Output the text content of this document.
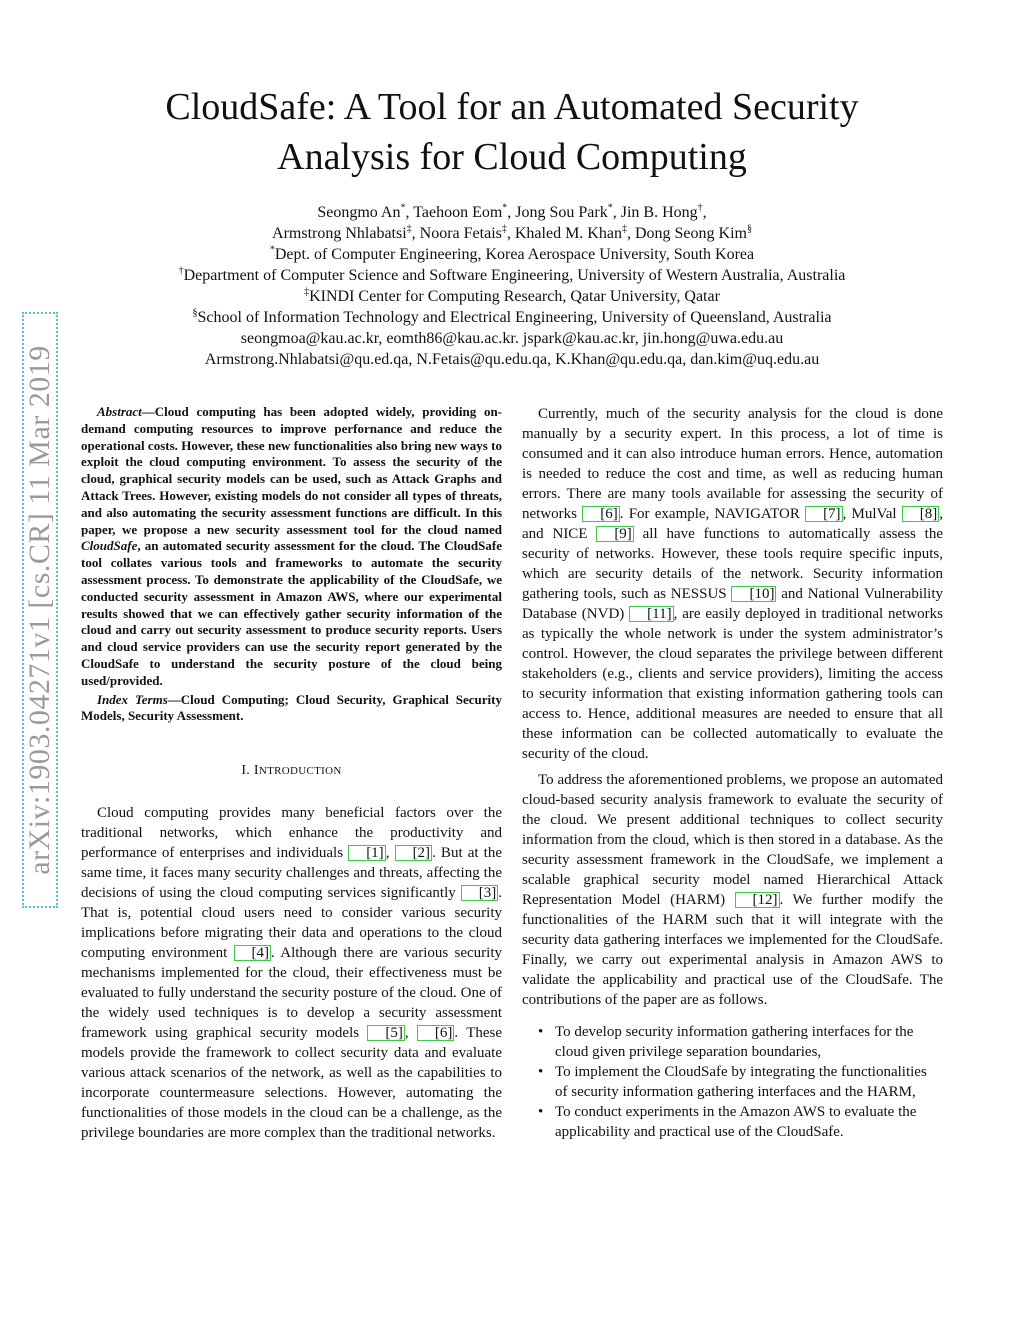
arXiv:1903.04271v1 [cs.CR] 11 Mar 2019
CloudSafe: A Tool for an Automated Security
Analysis for Cloud Computing
Seongmo An*, Taehoon Eom*, Jong Sou Park*, Jin B. Hong†,
Armstrong Nhlabatsi‡, Noora Fetais‡, Khaled M. Khan‡, Dong Seong Kim§
*Dept. of Computer Engineering, Korea Aerospace University, South Korea
†Department of Computer Science and Software Engineering, University of Western Australia, Australia
‡KINDI Center for Computing Research, Qatar University, Qatar
§School of Information Technology and Electrical Engineering, University of Queensland, Australia
seongmoa@kau.ac.kr, eomth86@kau.ac.kr. jspark@kau.ac.kr, jin.hong@uwa.edu.au
Armstrong.Nhlabatsi@qu.ed.qa, N.Fetais@qu.edu.qa, K.Khan@qu.edu.qa, dan.kim@uq.edu.au

Abstract—Cloud computing has been adopted widely, providing on-demand computing resources to improve perfornance and reduce the operational costs. However, these new functionalities also bring new ways to exploit the cloud computing environment. To assess the security of the cloud, graphical security models can be used, such as Attack Graphs and Attack Trees. However, existing models do not consider all types of threats, and also automating the security assessment functions are difficult. In this paper, we propose a new security assessment tool for the cloud named CloudSafe, an automated security assessment for the cloud. The CloudSafe tool collates various tools and frameworks to automate the security assessment process. To demonstrate the applicability of the CloudSafe, we conducted security assessment in Amazon AWS, where our experimental results showed that we can effectively gather security information of the cloud and carry out security assessment to produce security reports. Users and cloud service providers can use the security report generated by the CloudSafe to understand the security posture of the cloud being used/provided.

Index Terms—Cloud Computing; Cloud Security, Graphical Security Models, Security Assessment.

I. INTRODUCTION

Cloud computing provides many beneficial factors over the traditional networks, which enhance the productivity and performance of enterprises and individuals [1] , [2] . But at the same time, it faces many security challenges and threats, affecting the decisions of using the cloud computing services significantly [3] . That is, potential cloud users need to consider various security implications before migrating their data and operations to the cloud computing environment [4] . Although there are various security mechanisms implemented for the cloud, their effectiveness must be evaluated to fully understand the security posture of the cloud. One of the widely used techniques is to develop a security assessment framework using graphical security models [5] , [6] . These models provide the framework to collect security data and evaluate various attack scenarios of the network, as well as the capabilities to incorporate countermeasure selections. However, automating the functionalities of those models in the cloud can be a challenge, as the privilege boundaries are more complex than the traditional networks.

Currently, much of the security analysis for the cloud is done manually by a security expert. In this process, a lot of time is consumed and it can also introduce human errors. Hence, automation is needed to reduce the cost and time, as well as reducing human errors. There are many tools available for assessing the security of networks [6] . For example, NAVIGATOR [7] , MulVal [8] , and NICE [9] all have functions to automatically assess the security of networks. However, these tools require specific inputs, which are security details of the network. Security information gathering tools, such as NESSUS [10] and National Vulnerability Database (NVD) [11] , are easily deployed in traditional networks as typically the whole network is under the system administrator’s control. However, the cloud separates the privilege between different stakeholders (e.g., clients and service providers), limiting the access to security information that existing information gathering tools can access to. Hence, additional measures are needed to ensure that all these information can be collected automatically to evaluate the security of the cloud.

To address the aforementioned problems, we propose an automated cloud-based security analysis framework to evaluate the security of the cloud. We present additional techniques to collect security information from the cloud, which is then stored in a database. As the security assessment framework in the CloudSafe, we implement a scalable graphical security model named Hierarchical Attack Representation Model (HARM) [12] . We further modify the functionalities of the HARM such that it will integrate with the security data gathering interfaces we implemented for the CloudSafe. Finally, we carry out experimental analysis in Amazon AWS to validate the applicability and practical use of the CloudSafe. The contributions of the paper are as follows.

• To develop security information gathering interfaces for the cloud given privilege separation boundaries,
• To implement the CloudSafe by integrating the functionalities of security information gathering interfaces and the HARM,
• To conduct experiments in the Amazon AWS to evaluate the applicability and practical use of the CloudSafe.
